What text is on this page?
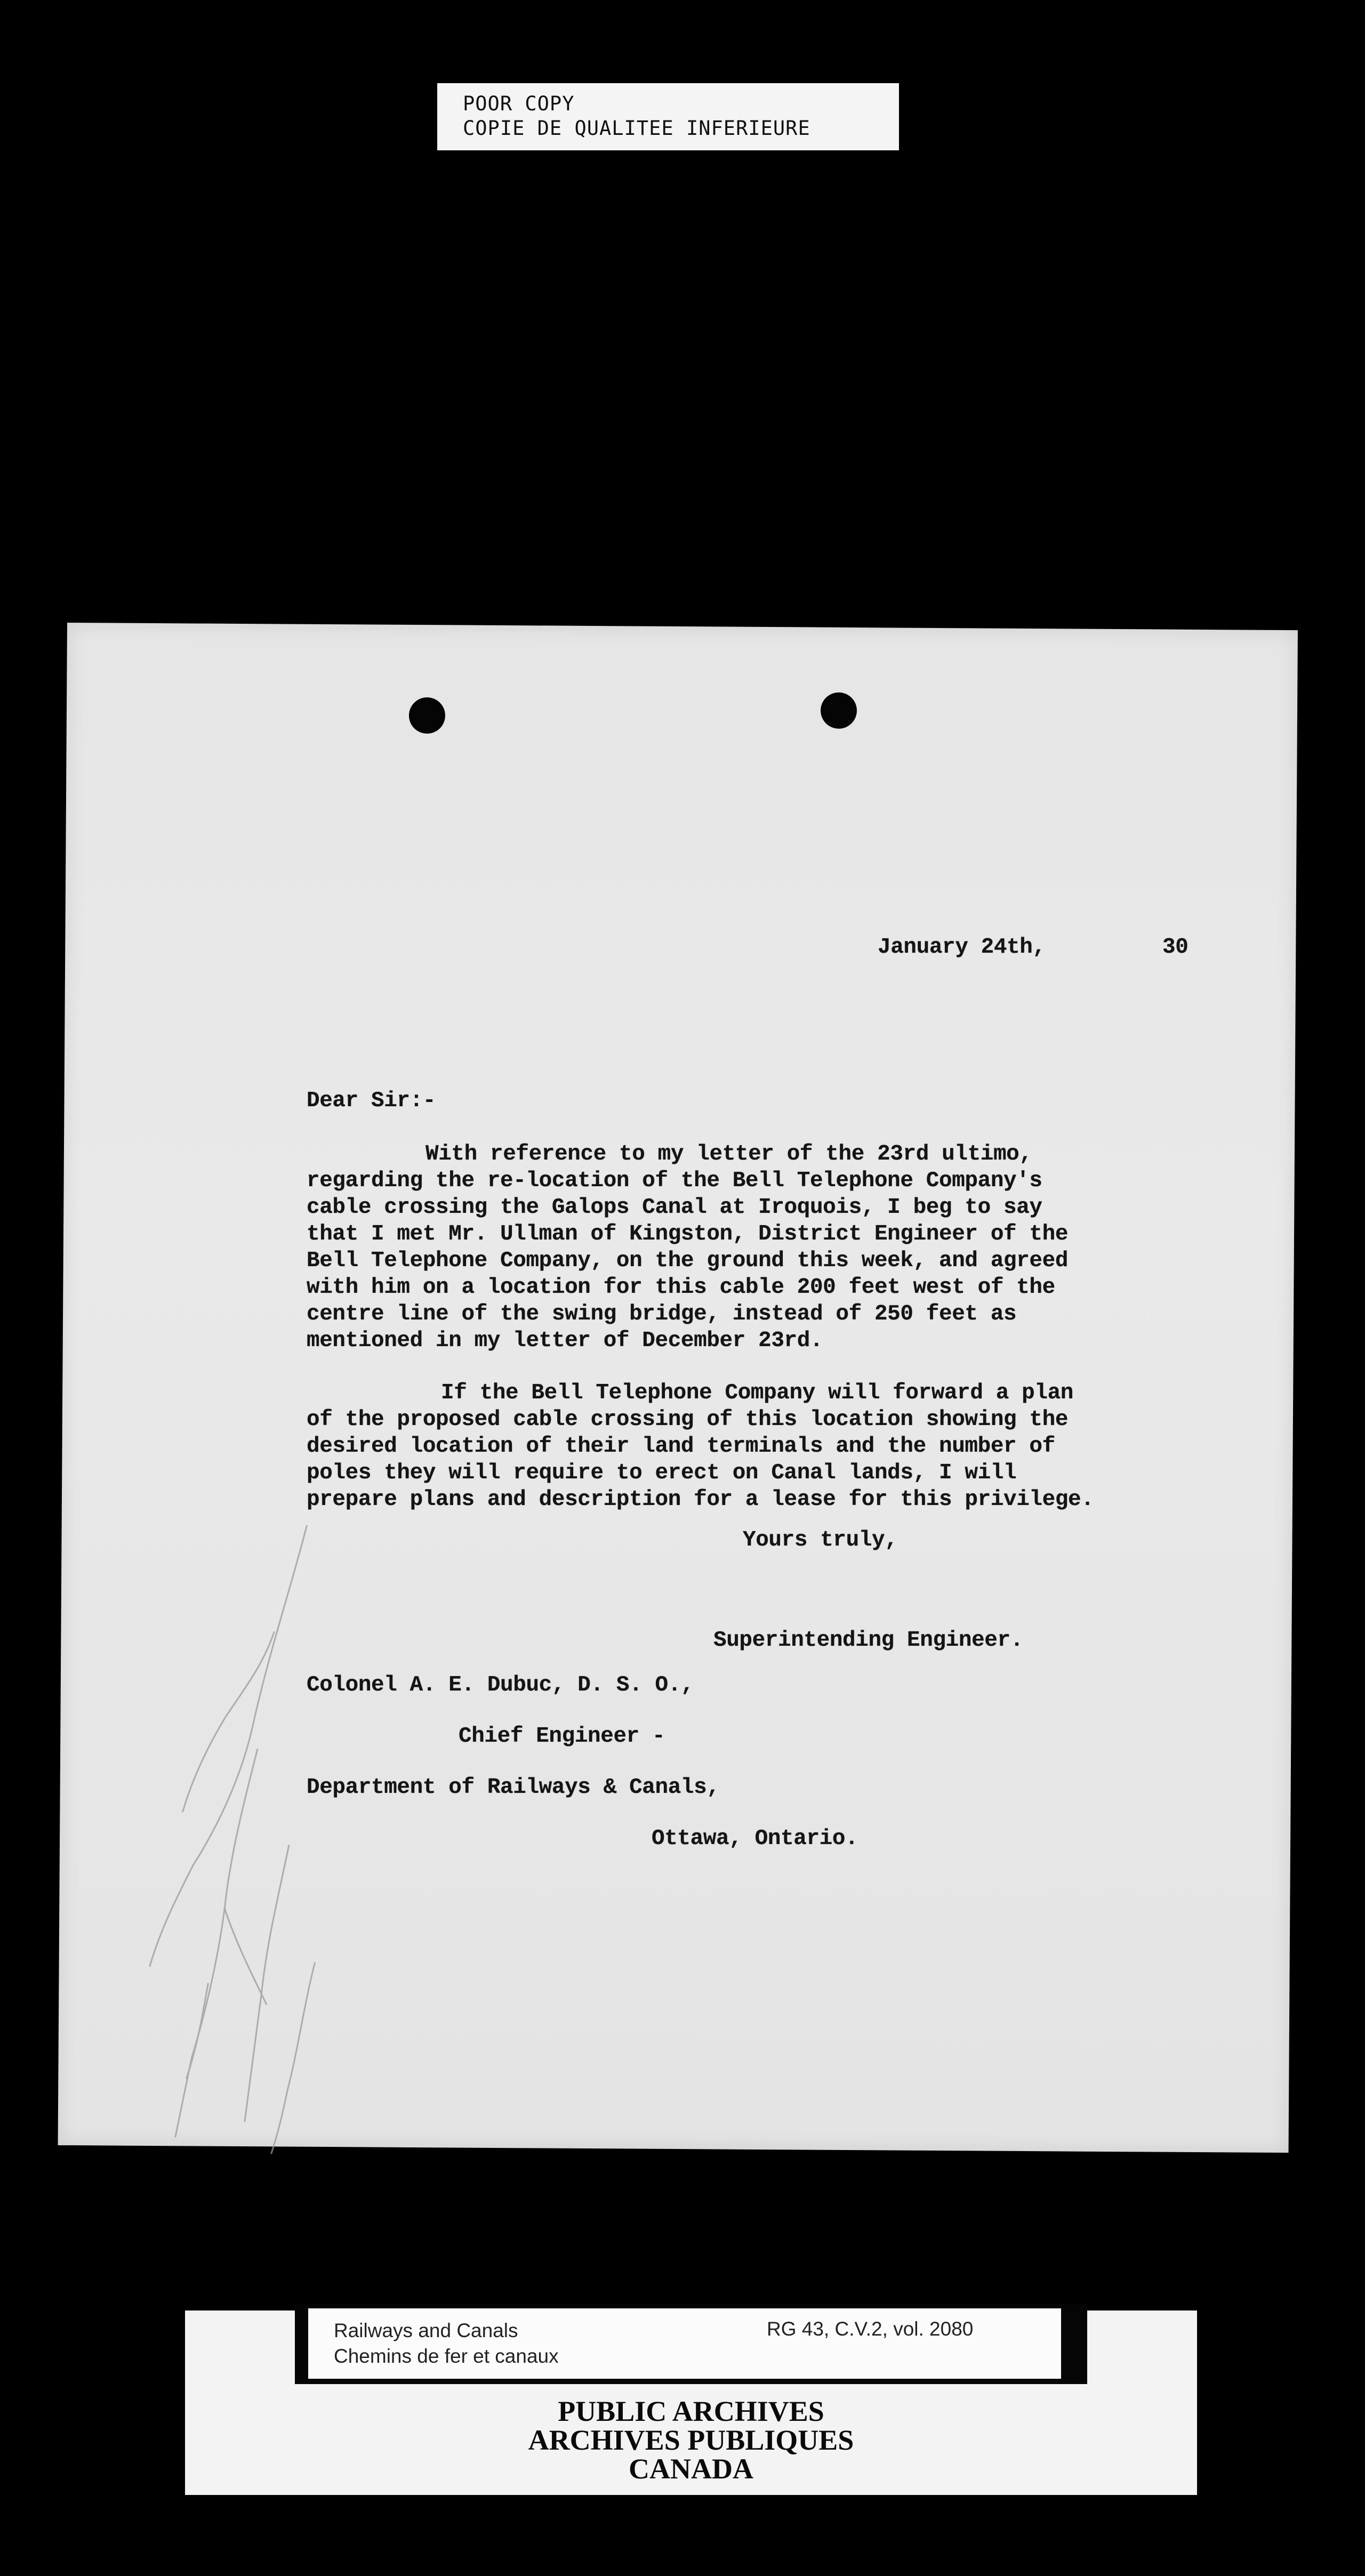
POOR COPY
COPIE DE QUALITEE INFERIEURE
January 24th,	30
Dear Sir:-
With reference to my letter of the 23rd ultimo,
regarding the re-location of the Bell Telephone Company's
cable crossing the Galops Canal at Iroquois, I beg to say
that I met Mr. Ullman of Kingston, District Engineer of the
Bell Telephone Company, on the ground this week, and agreed
with him on a location for this cable 200 feet west of the
centre line of the swing bridge, instead of 250 feet as
mentioned in my letter of December 23rd.
If the Bell Telephone Company will forward a plan
of the proposed cable crossing of this location showing the
desired location of their land terminals and the number of
poles they will require to erect on Canal lands, I will
prepare plans and description for a lease for this privilege.
Yours truly,
Superintending Engineer.
Colonel A. E. Dubuc, D. S. O.,
Chief Engineer -
Department of Railways & Canals,
Ottawa, Ontario.
Railways and Canals
Chemins de fer et canaux
RG 43, C.V.2, vol. 2080
PUBLIC ARCHIVES
ARCHIVES PUBLIQUES
CANADA
